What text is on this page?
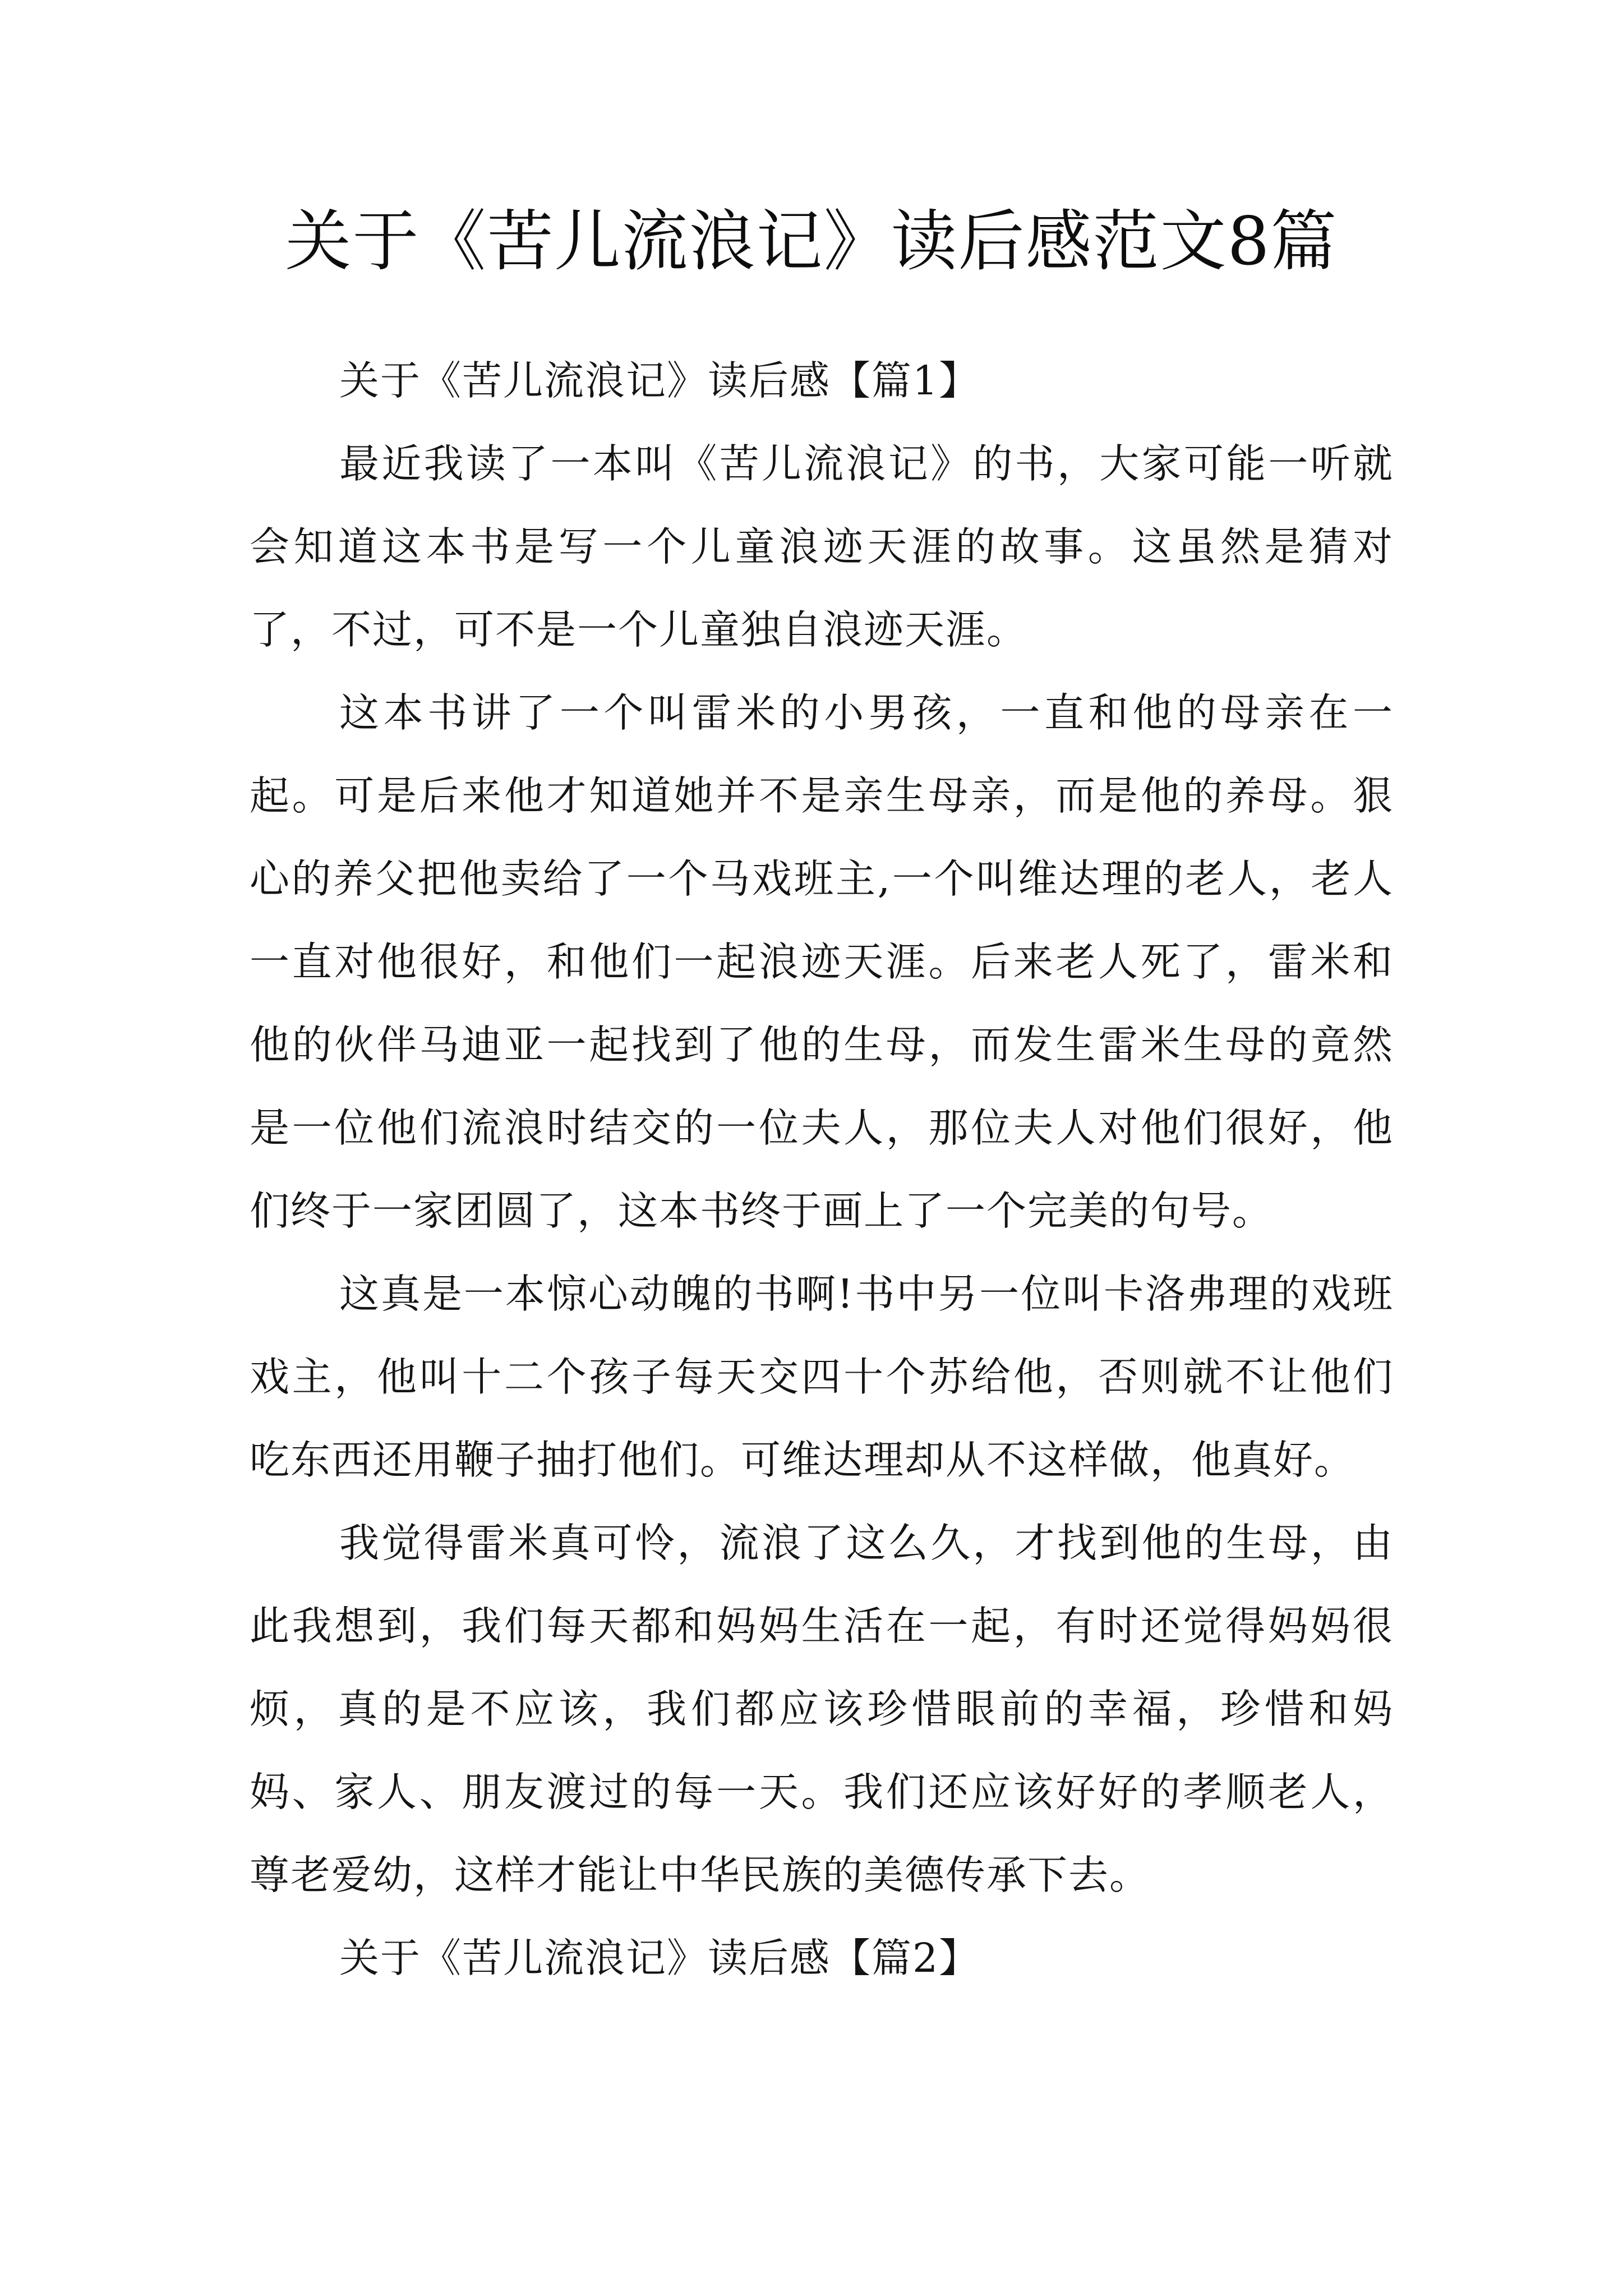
关于《苦儿流浪记》读后感范文8篇

关于《苦儿流浪记》读后感【篇1】

最近我读了一本叫《苦儿流浪记》的书，大家可能一听就会知道这本书是写一个儿童浪迹天涯的故事。这虽然是猜对了，不过，可不是一个儿童独自浪迹天涯。

这本书讲了一个叫雷米的小男孩，一直和他的母亲在一起。可是后来他才知道她并不是亲生母亲，而是他的养母。狠心的养父把他卖给了一个马戏班主,一个叫维达理的老人，老人一直对他很好，和他们一起浪迹天涯。后来老人死了，雷米和他的伙伴马迪亚一起找到了他的生母，而发生雷米生母的竟然是一位他们流浪时结交的一位夫人，那位夫人对他们很好，他们终于一家团圆了，这本书终于画上了一个完美的句号。

这真是一本惊心动魄的书啊!书中另一位叫卡洛弗理的戏班戏主，他叫十二个孩子每天交四十个苏给他，否则就不让他们吃东西还用鞭子抽打他们。可维达理却从不这样做，他真好。

我觉得雷米真可怜，流浪了这么久，才找到他的生母，由此我想到，我们每天都和妈妈生活在一起，有时还觉得妈妈很烦，真的是不应该，我们都应该珍惜眼前的幸福，珍惜和妈妈、家人、朋友渡过的每一天。我们还应该好好的孝顺老人，尊老爱幼，这样才能让中华民族的美德传承下去。

关于《苦儿流浪记》读后感【篇2】
